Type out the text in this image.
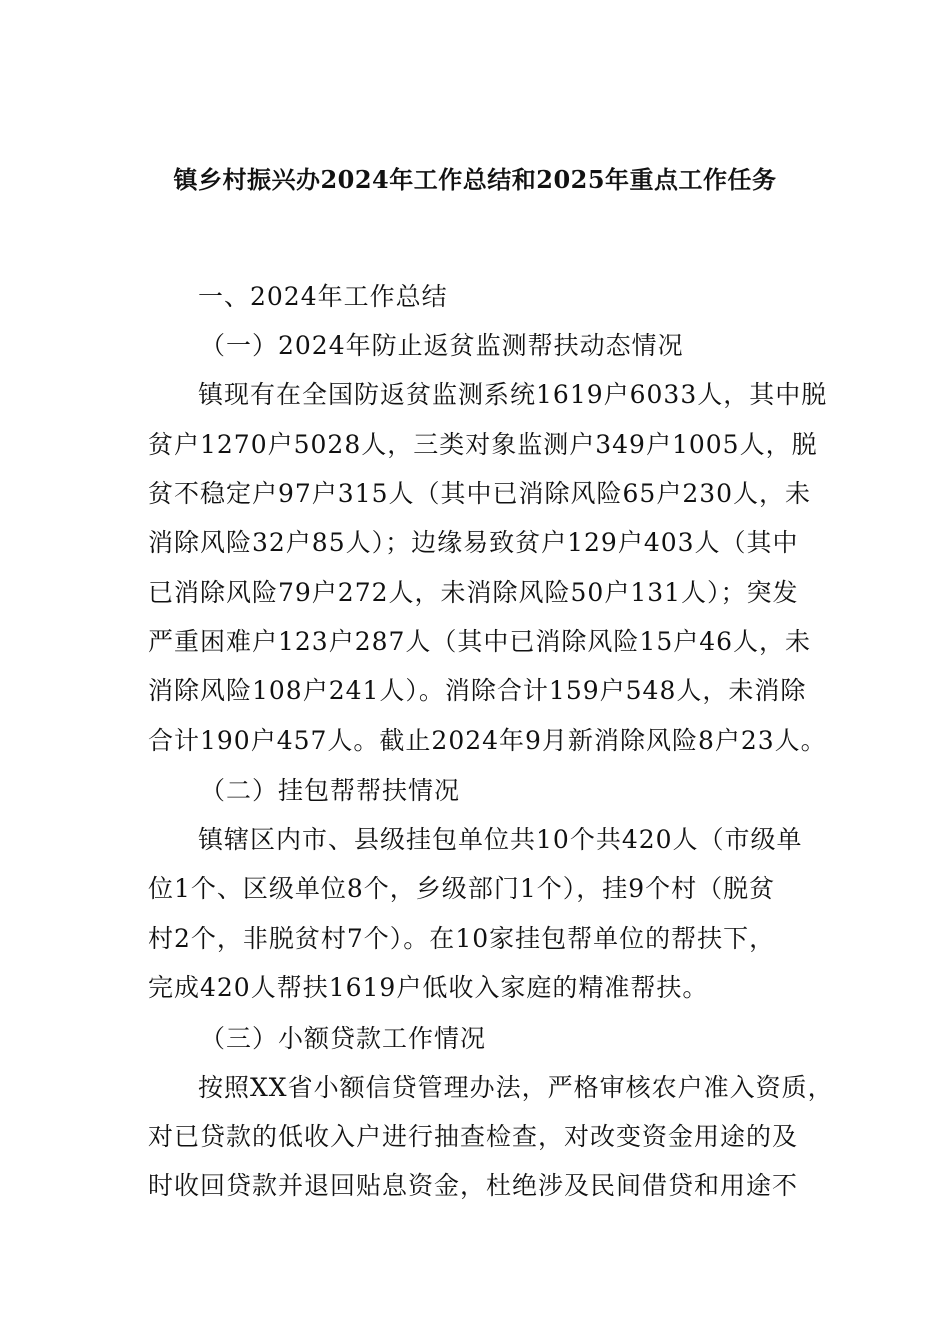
镇乡村振兴办2024年工作总结和2025年重点工作任务
一、2024年工作总结
（一）2024年防止返贫监测帮扶动态情况
镇现有在全国防返贫监测系统1619户6033人，其中脱
贫户1270户5028人，三类对象监测户349户1005人，脱
贫不稳定户97户315人（其中已消除风险65户230人，未
消除风险32户85人）；边缘易致贫户129户403人（其中
已消除风险79户272人，未消除风险50户131人）；突发
严重困难户123户287人（其中已消除风险15户46人，未
消除风险108户241人）。消除合计159户548人，未消除
合计190户457人。截止2024年9月新消除风险8户23人。
（二）挂包帮帮扶情况
镇辖区内市、县级挂包单位共10个共420人（市级单
位1个、区级单位8个，乡级部门1个），挂9个村（脱贫
村2个，非脱贫村7个）。在10家挂包帮单位的帮扶下，
完成420人帮扶1619户低收入家庭的精准帮扶。
（三）小额贷款工作情况
按照XX省小额信贷管理办法，严格审核农户准入资质，
对已贷款的低收入户进行抽查检查，对改变资金用途的及
时收回贷款并退回贴息资金，杜绝涉及民间借贷和用途不
